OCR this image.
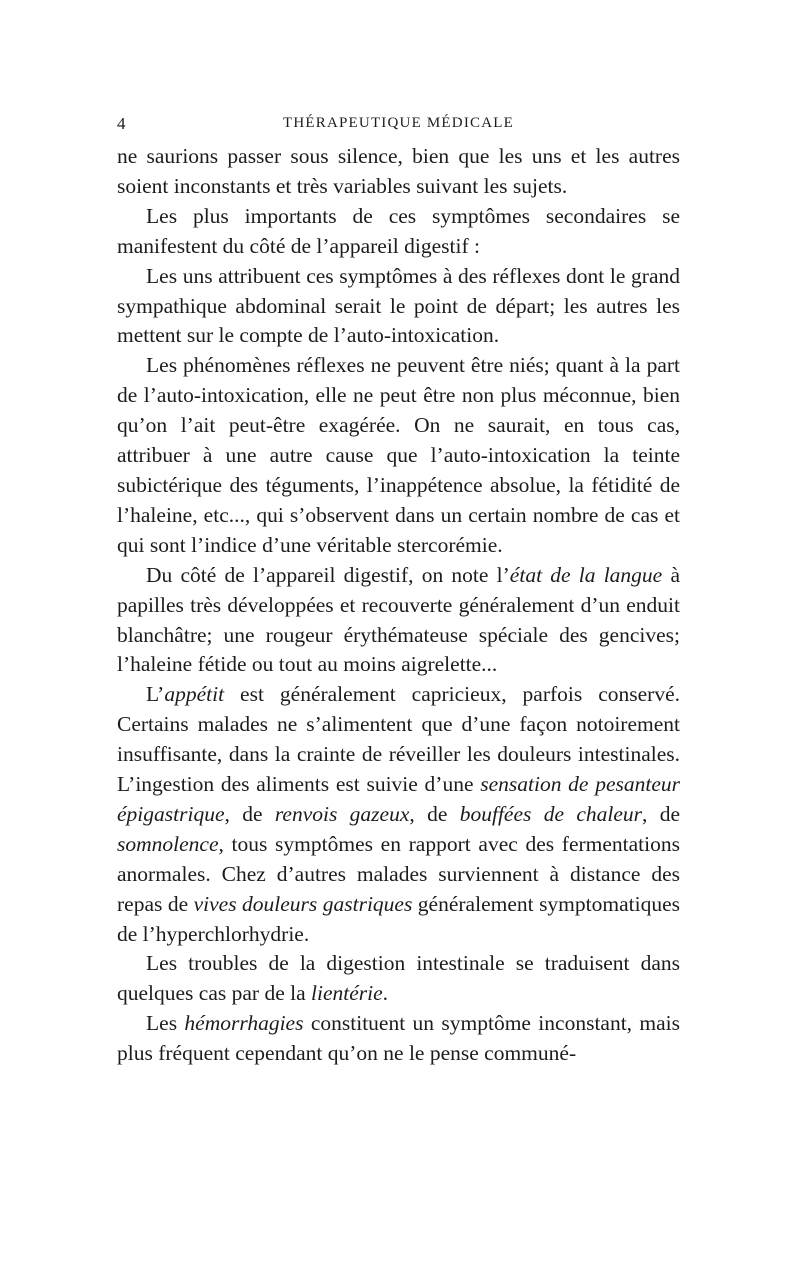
4	THÉRAPEUTIQUE MÉDICALE

ne saurions passer sous silence, bien que les uns et les autres soient inconstants et très variables suivant les sujets.

Les plus importants de ces symptômes secondaires se manifestent du côté de l’appareil digestif :

Les uns attribuent ces symptômes à des réflexes dont le grand sympathique abdominal serait le point de départ; les autres les mettent sur le compte de l’auto-intoxication.

Les phénomènes réflexes ne peuvent être niés; quant à la part de l’auto-intoxication, elle ne peut être non plus méconnue, bien qu’on l’ait peut-être exagérée. On ne saurait, en tous cas, attribuer à une autre cause que l’auto-intoxication la teinte subictérique des téguments, l’inappétence absolue, la fétidité de l’haleine, etc..., qui s’observent dans un certain nombre de cas et qui sont l’indice d’une véritable stercorémie.

Du côté de l’appareil digestif, on note l’état de la langue à papilles très développées et recouverte généralement d’un enduit blanchâtre; une rougeur érythémateuse spéciale des gencives; l’haleine fétide ou tout au moins aigrelette...

L’appétit est généralement capricieux, parfois conservé. Certains malades ne s’alimentent que d’une façon notoirement insuffisante, dans la crainte de réveiller les douleurs intestinales. L’ingestion des aliments est suivie d’une sensation de pesanteur épigastrique, de renvois gazeux, de bouffées de chaleur, de somnolence, tous symptômes en rapport avec des fermentations anormales. Chez d’autres malades surviennent à distance des repas de vives douleurs gastriques généralement symptomatiques de l’hyperchlorhydrie.

Les troubles de la digestion intestinale se traduisent dans quelques cas par de la lientérie.

Les hémorrhagies constituent un symptôme inconstant, mais plus fréquent cependant qu’on ne le pense communé-
